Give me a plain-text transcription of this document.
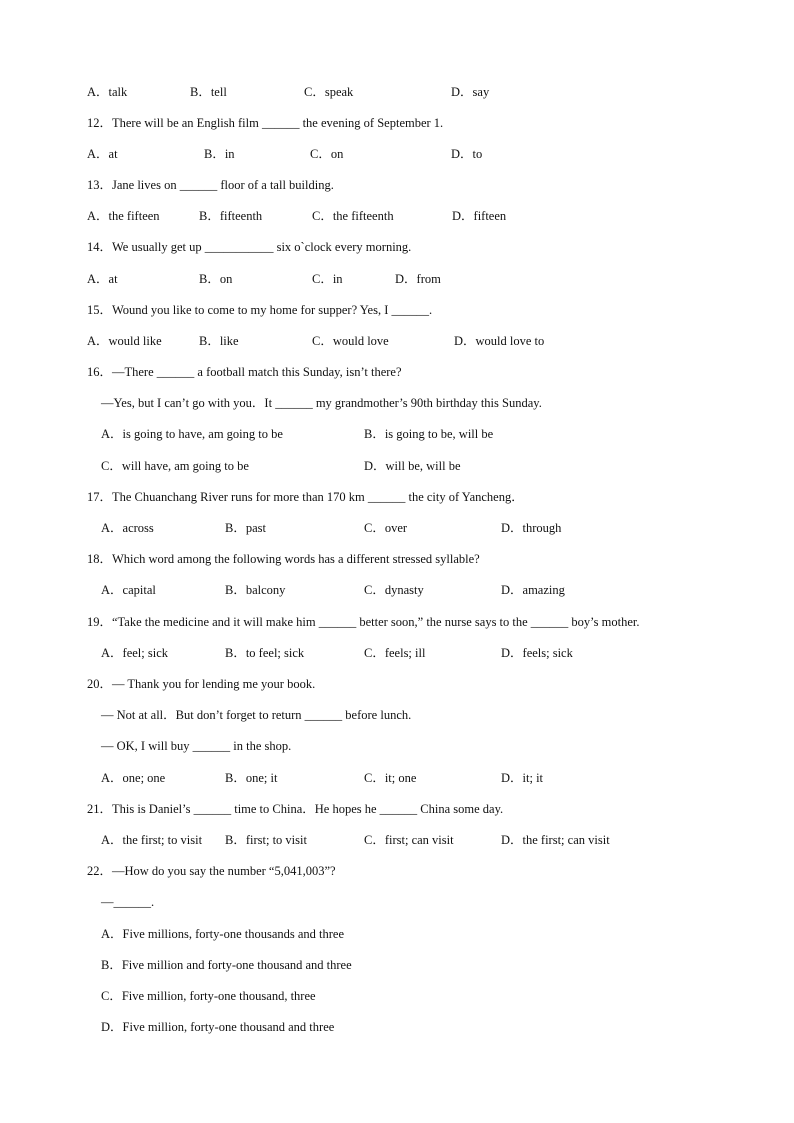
A．talk	B．tell	C．speak	D．say
12．There will be an English film ______ the evening of September 1.
A．at	B．in	C．on	D．to
13．Jane lives on ______ floor of a tall building.
A．the fifteen	B．fifteenth	C．the fifteenth	D．fifteen
14．We usually get up ___________ six o`clock every morning.
A．at	B．on	C．in	D．from
15．Wound you like to come to my home for supper? Yes, I ______.
A．would like	B．like	C．would love	D．would love to
16．—There ______ a football match this Sunday, isn’t there?
—Yes, but I can’t go with you．It ______ my grandmother’s 90th birthday this Sunday.
A．is going to have, am going to be	B．is going to be, will be
C．will have, am going to be	D．will be, will be
17．The Chuanchang River runs for more than 170 km ______ the city of Yancheng．
A．across	B．past	C．over	D．through
18．Which word among the following words has a different stressed syllable?
A．capital	B．balcony	C．dynasty	D．amazing
19．“Take the medicine and it will make him ______ better soon,” the nurse says to the ______ boy’s mother.
A．feel; sick	B．to feel; sick	C．feels; ill	D．feels; sick
20．— Thank you for lending me your book.
— Not at all．But don’t forget to return ______ before lunch.
— OK, I will buy ______ in the shop.
A．one; one	B．one; it	C．it; one	D．it; it
21．This is Daniel’s ______ time to China．He hopes he ______ China some day.
A．the first; to visit B．first; to visit	C．first; can visit	D．the first; can visit
22．—How do you say the number “5,041,003”?
—______.
A．Five millions, forty-one thousands and three
B．Five million and forty-one thousand and three
C．Five million, forty-one thousand, three
D．Five million, forty-one thousand and three
